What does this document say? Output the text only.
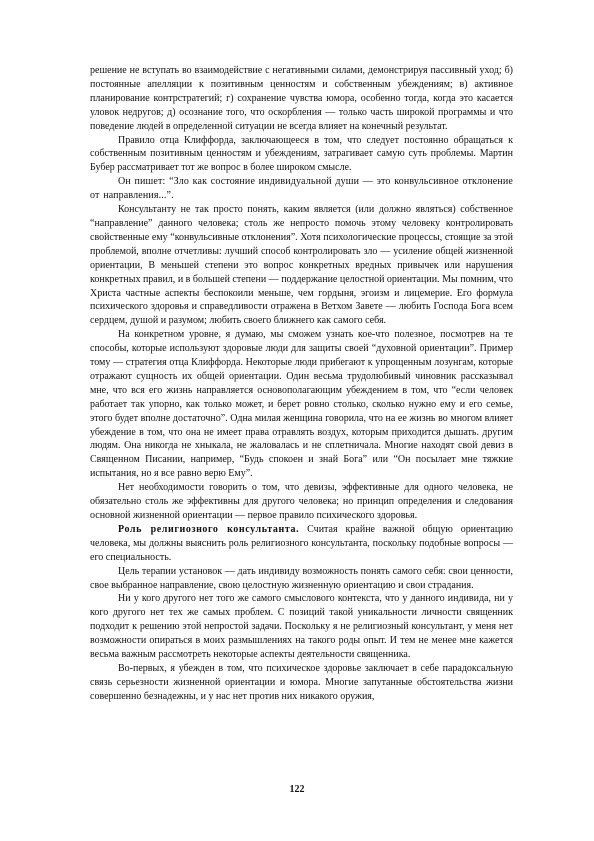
решение не вступать во взаимодействие с негативными силами, демонстрируя пассивный уход; б) постоянные апелляции к позитивным ценностям и собственным убеждениям; в) активное планирование контрстратегий; г) сохранение чувства юмора, особенно тогда, когда это касается уловок недругов; д) осознание того, что оскорбления — только часть широкой программы и что поведение людей в определенной ситуации не всегда влияет на конечный результат.

Правило отца Клиффорда, заключающееся в том, что следует постоянно обращаться к собственным позитивным ценностям и убеждениям, затрагивает самую суть проблемы. Мартин Бубер рассматривает тот же вопрос в более широком смысле.

Он пишет: “Зло как состояние индивидуальной души — это конвульсивное отклонение от направления...”.

Консультанту не так просто понять, каким является (или должно являться) собственное “направление” данного человека; столь же непросто помочь этому человеку контролировать свойственные ему “конвульсивные отклонения”. Хотя психологические процессы, стоящие за этой проблемой, вполне отчетливы: лучший способ контролировать зло — усиление общей жизненной ориентации, В меньшей степени это вопрос конкретных вредных привычек или нарушения конкретных правил, и в большей степени — поддержание целостной ориентации. Мы помним, что Христа частные аспекты беспокоили меньше, чем гордыня, эгоизм и лицемерие. Его формула психического здоровья и справедливости отражена в Ветхом Завете — любить Господа Бога всем сердцем, душой и разумом; любить своего ближнего как самого себя.

На конкретном уровне, я думаю, мы сможем узнать кое-что полезное, посмотрев на те способы, которые используют здоровые люди для защиты своей “духовной ориентации”. Пример тому — стратегия отца Клиффорда. Некоторые люди прибегают к упрощенным лозунгам, которые отражают сущность их общей ориентации. Один весьма трудолюбивый чиновник рассказывал мне, что вся его жизнь направляется основополагающим убеждением в том, что “если человек работает так упорно, как только может, и берет ровно столько, сколько нужно ему и его семье, этого будет вполне достаточно”. Одна милая женщина говорила, что на ее жизнь во многом влияет убеждение в том, что она не имеет права отравлять воздух, которым приходится дышать. другим людям. Она никогда не хныкала, не жаловалась и не сплетничала. Многие находят свой девиз в Священном Писании, например, “Будь спокоен и знай Бога” или “Он посылает мне тяжкие испытания, но я все равно верю Ему”.

Нет необходимости говорить о том, что девизы, эффективные для одного человека, не обязательно столь же эффективны для другого человека; но принцип определения и следования основной жизненной ориентации — первое правило психического здоровья.

Роль религиозного консультанта. Считая крайне важной общую ориентацию человека, мы должны выяснить роль религиозного консультанта, поскольку подобные вопросы — его специальность.

Цель терапии установок — дать индивиду возможность понять самого себя: свои ценности, свое выбранное направление, свою целостную жизненную ориентацию и свои страдания.

Ни у кого другого нет того же самого смыслового контекста, что у данного индивида, ни у кого другого нет тех же самых проблем. С позиций такой уникальности личности священник подходит к решению этой непростой задачи. Поскольку я не религиозный консультант, у меня нет возможности опираться в моих размышлениях на такого роды опыт. И тем не менее мне кажется весьма важным рассмотреть некоторые аспекты деятельности священника.

Во-первых, я убежден в том, что психическое здоровье заключает в себе парадоксальную связь серьезности жизненной ориентации и юмора. Многие запутанные обстоятельства жизни совершенно безнадежны, и у нас нет против них никакого оружия,

122
